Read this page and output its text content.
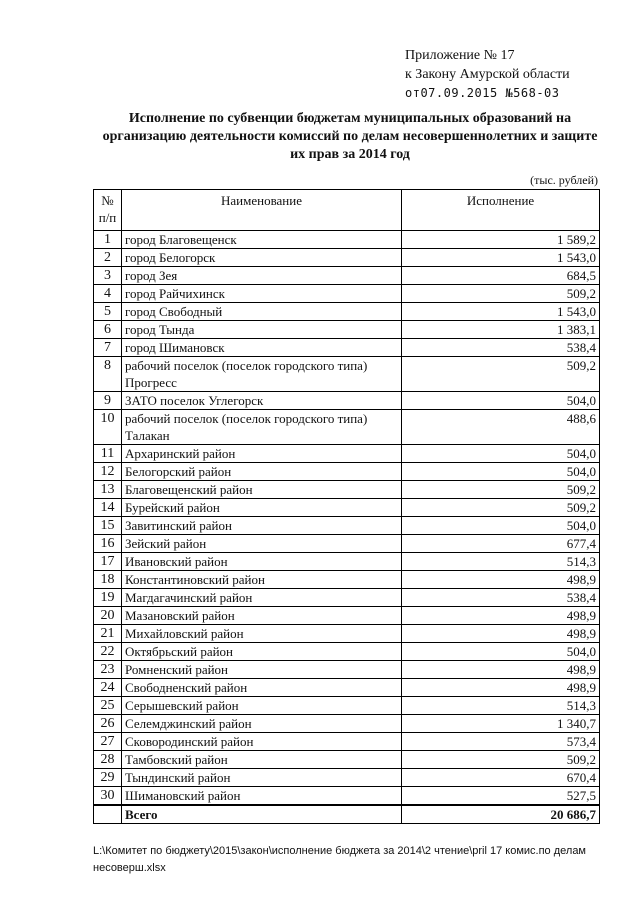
Приложение № 17
к Закону Амурской области
от07.09.2015 №568-03
Исполнение по субвенции бюджетам муниципальных образований на организацию деятельности комиссий по делам несовершеннолетних и защите их прав за 2014 год
(тыс. рублей)
№ п/п	Наименование	Исполнение
1	город Благовещенск	1 589,2
2	город Белогорск	1 543,0
3	город Зея	684,5
4	город Райчихинск	509,2
5	город Свободный	1 543,0
6	город Тында	1 383,1
7	город Шимановск	538,4
8	рабочий поселок (поселок городского типа) Прогресс	509,2
9	ЗАТО поселок Углегорск	504,0
10	рабочий поселок (поселок городского типа) Талакан	488,6
11	Архаринский район	504,0
12	Белогорский район	504,0
13	Благовещенский район	509,2
14	Бурейский район	509,2
15	Завитинский район	504,0
16	Зейский район	677,4
17	Ивановский район	514,3
18	Константиновский район	498,9
19	Магдагачинский район	538,4
20	Мазановский район	498,9
21	Михайловский район	498,9
22	Октябрьский район	504,0
23	Ромненский район	498,9
24	Свободненский район	498,9
25	Серышевский район	514,3
26	Селемджинский район	1 340,7
27	Сковородинский район	573,4
28	Тамбовский район	509,2
29	Тындинский район	670,4
30	Шимановский район	527,5
	Всего	20 686,7
L:\Комитет по бюджету\2015\закон\исполнение бюджета за 2014\2 чтение\pril 17 комис.по делам несоверш.xlsx
